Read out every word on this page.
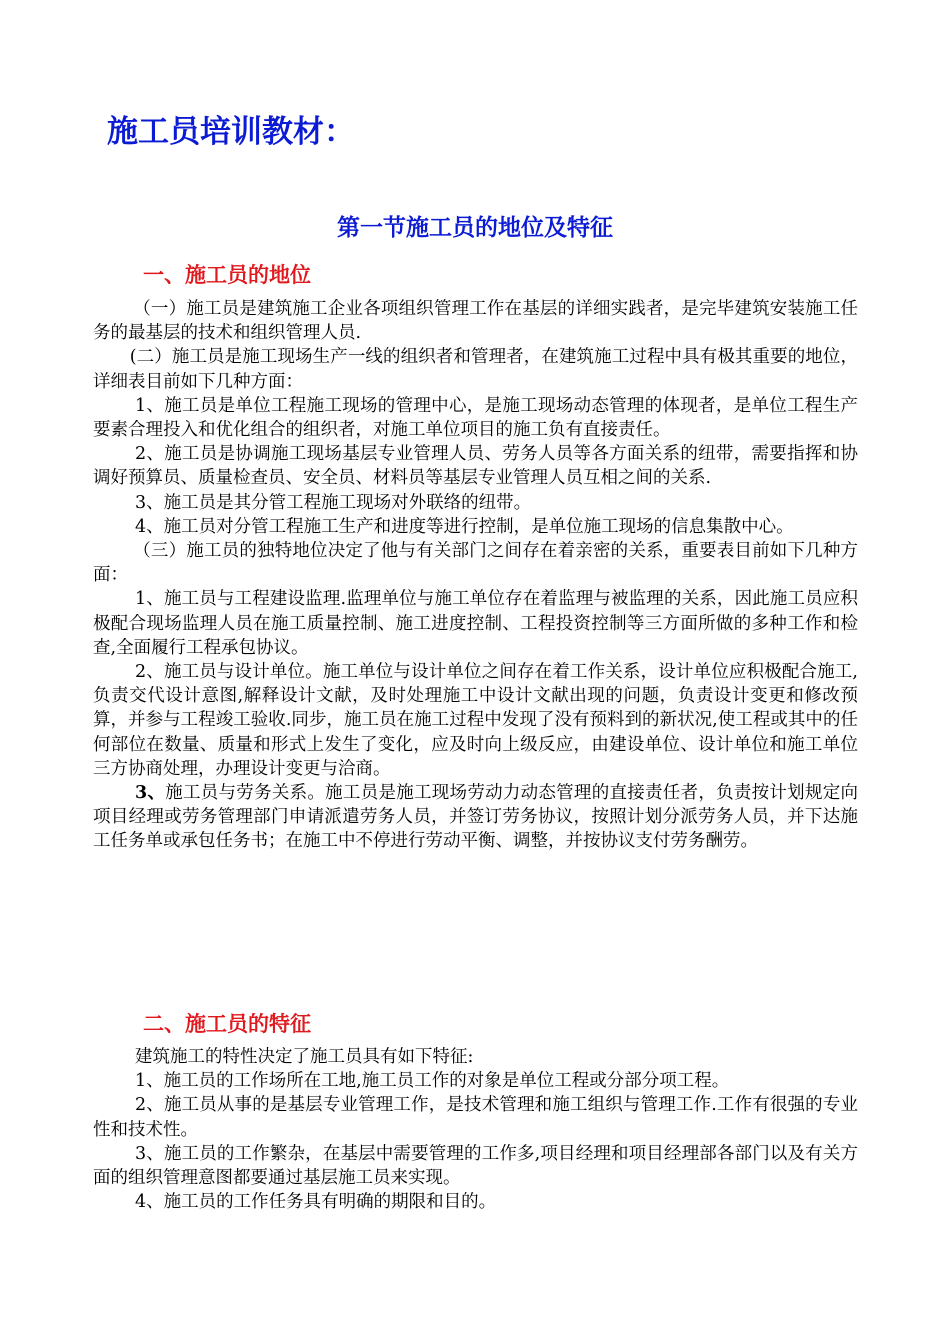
施工员培训教材：
第一节施工员的地位及特征
一、施工员的地位

（一）施工员是建筑施工企业各项组织管理工作在基层的详细实践者，是完毕建筑安装施工任务的最基层的技术和组织管理人员.

(二）施工员是施工现场生产一线的组织者和管理者，在建筑施工过程中具有极其重要的地位，详细表目前如下几种方面：

1、施工员是单位工程施工现场的管理中心，是施工现场动态管理的体现者，是单位工程生产要素合理投入和优化组合的组织者，对施工单位项目的施工负有直接责任。

2、施工员是协调施工现场基层专业管理人员、劳务人员等各方面关系的纽带，需要指挥和协调好预算员、质量检查员、安全员、材料员等基层专业管理人员互相之间的关系.

3、施工员是其分管工程施工现场对外联络的纽带。

4、施工员对分管工程施工生产和进度等进行控制，是单位施工现场的信息集散中心。

（三）施工员的独特地位决定了他与有关部门之间存在着亲密的关系，重要表目前如下几种方面：

1、施工员与工程建设监理.监理单位与施工单位存在着监理与被监理的关系，因此施工员应积极配合现场监理人员在施工质量控制、施工进度控制、工程投资控制等三方面所做的多种工作和检查,全面履行工程承包协议。

2、施工员与设计单位。施工单位与设计单位之间存在着工作关系，设计单位应积极配合施工,负责交代设计意图,解释设计文献，及时处理施工中设计文献出现的问题，负责设计变更和修改预算，并参与工程竣工验收.同步，施工员在施工过程中发现了没有预料到的新状况,使工程或其中的任何部位在数量、质量和形式上发生了变化，应及时向上级反应，由建设单位、设计单位和施工单位三方协商处理，办理设计变更与洽商。

3、施工员与劳务关系。施工员是施工现场劳动力动态管理的直接责任者，负责按计划规定向项目经理或劳务管理部门申请派遣劳务人员，并签订劳务协议，按照计划分派劳务人员，并下达施工任务单或承包任务书；在施工中不停进行劳动平衡、调整，并按协议支付劳务酬劳。

二、施工员的特征

建筑施工的特性决定了施工员具有如下特征:

1、施工员的工作场所在工地,施工员工作的对象是单位工程或分部分项工程。

2、施工员从事的是基层专业管理工作，是技术管理和施工组织与管理工作.工作有很强的专业性和技术性。

3、施工员的工作繁杂，在基层中需要管理的工作多,项目经理和项目经理部各部门以及有关方面的组织管理意图都要通过基层施工员来实现。

4、施工员的工作任务具有明确的期限和目的。
